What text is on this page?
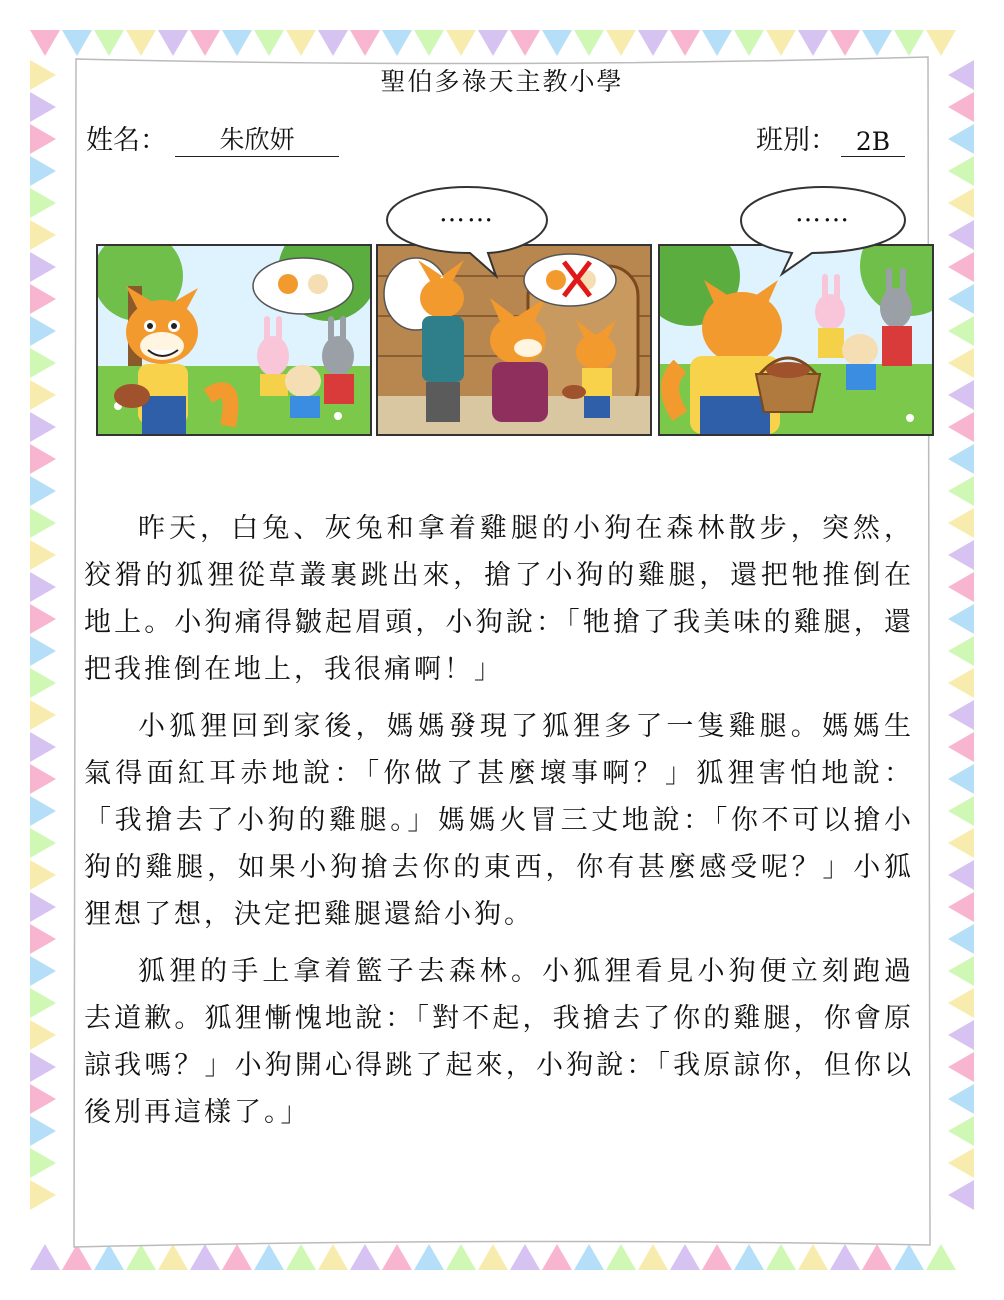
聖伯多祿天主教小學
姓名：	朱欣妍	班別： 2B
……	……

昨天，白兔、灰兔和拿着雞腿的小狗在森林散步，突然，狡猾的狐狸從草叢裏跳出來，搶了小狗的雞腿，還把牠推倒在地上。小狗痛得皺起眉頭，小狗說：「牠搶了我美味的雞腿，還把我推倒在地上，我很痛啊！」

小狐狸回到家後，媽媽發現了狐狸多了一隻雞腿。媽媽生氣得面紅耳赤地說：「你做了甚麼壞事啊？」狐狸害怕地說：「我搶去了小狗的雞腿。」媽媽火冒三丈地說：「你不可以搶小狗的雞腿，如果小狗搶去你的東西，你有甚麼感受呢？」小狐狸想了想，決定把雞腿還給小狗。

狐狸的手上拿着籃子去森林。小狐狸看見小狗便立刻跑過去道歉。狐狸慚愧地說：「對不起，我搶去了你的雞腿，你會原諒我嗎？」小狗開心得跳了起來，小狗說：「我原諒你，但你以後別再這樣了。」
